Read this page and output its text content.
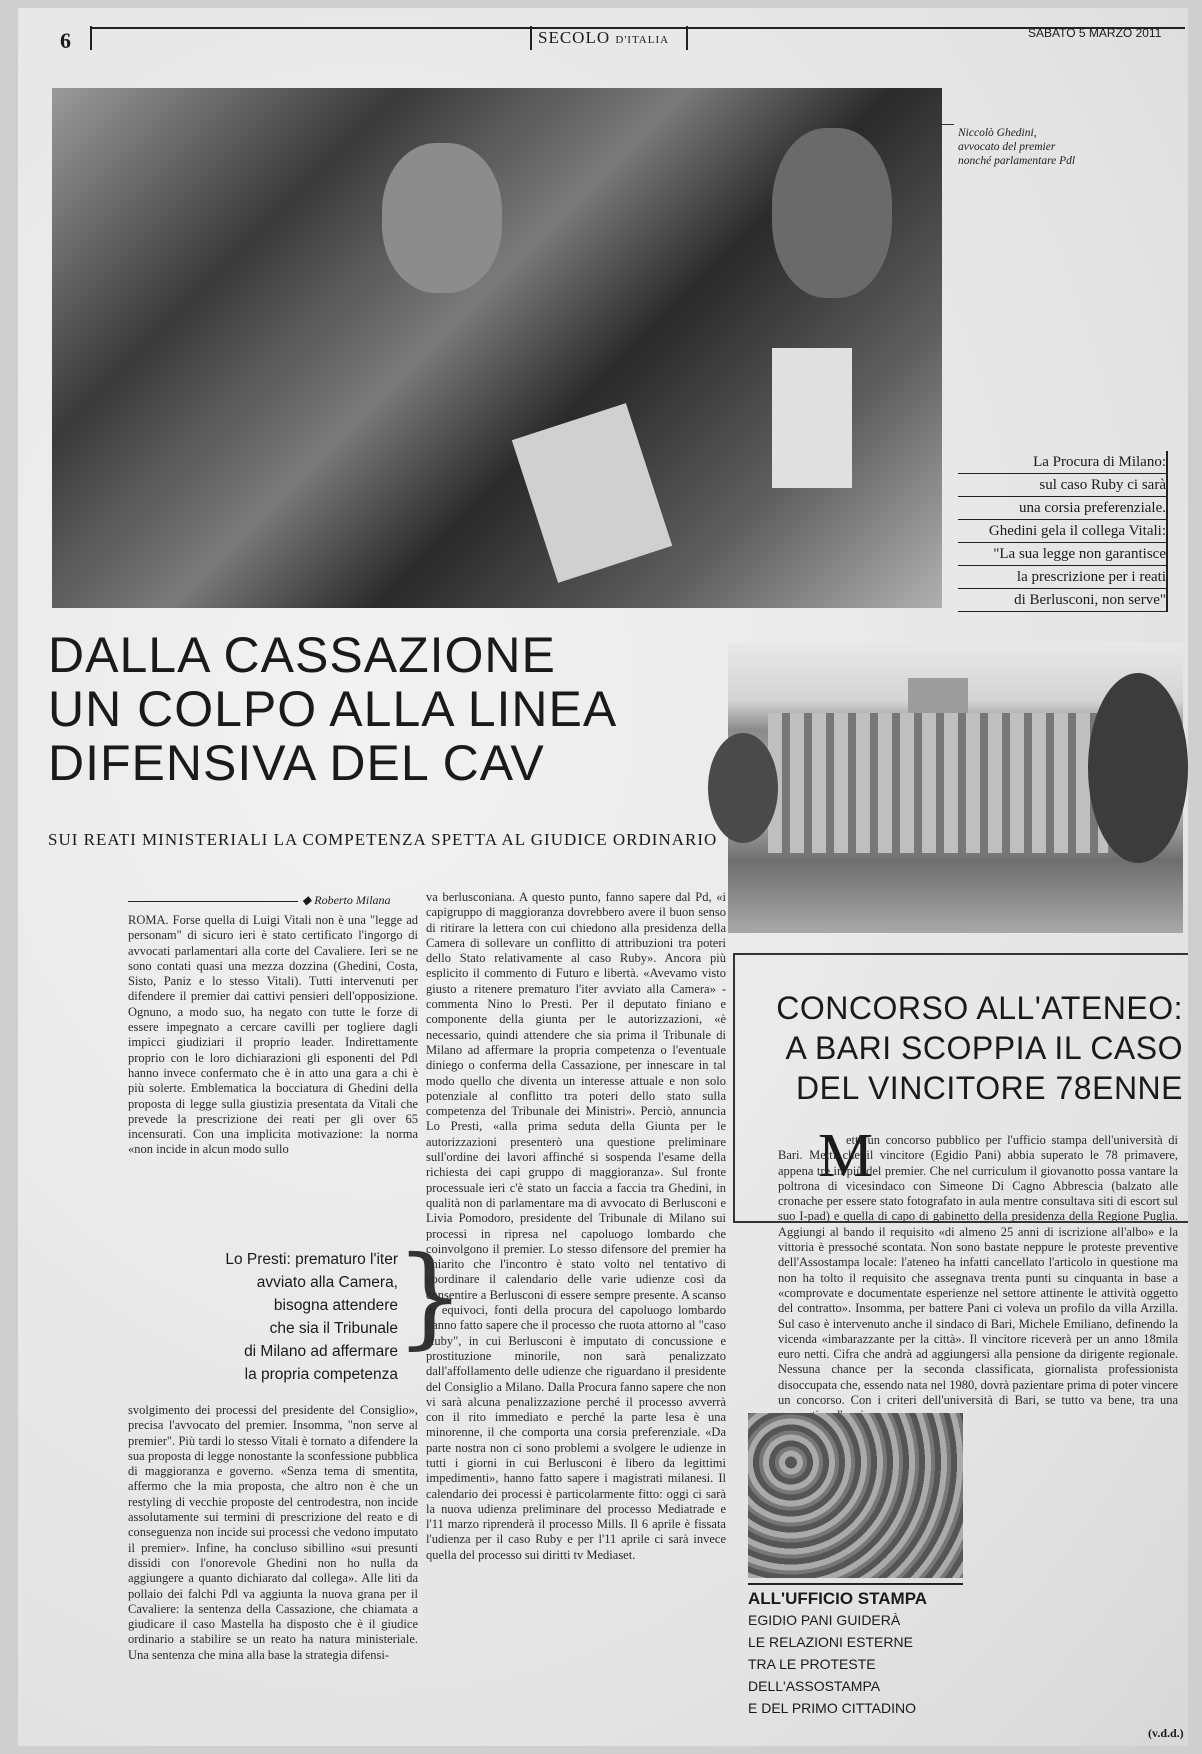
6	SECOLO D'ITALIA	SABATO 5 MARZO 2011
Niccolò Ghedini,
avvocato del premier
nonché parlamentare Pdl
La Procura di Milano:
sul caso Ruby ci sarà
una corsia preferenziale.
Ghedini gela il collega Vitali:
"La sua legge non garantisce
la prescrizione per i reati
di Berlusconi, non serve"
DALLA CASSAZIONE
UN COLPO ALLA LINEA
DIFENSIVA DEL CAV
SUI REATI MINISTERIALI LA COMPETENZA SPETTA AL GIUDICE ORDINARIO
◆ Roberto Milana
ROMA. Forse quella di Luigi Vitali non è una "legge ad personam" di sicuro ieri è stato certificato l'ingorgo di avvocati parlamentari alla corte del Cavaliere. Ieri se ne sono contati quasi una mezza dozzina (Ghedini, Costa, Sisto, Paniz e lo stesso Vitali). Tutti intervenuti per difendere il premier dai cattivi pensieri dell'opposizione. Ognuno, a modo suo, ha negato con tutte le forze di essere impegnato a cercare cavilli per togliere dagli impicci giudiziari il proprio leader. Indirettamente proprio con le loro dichiarazioni gli esponenti del Pdl hanno invece confermato che è in atto una gara a chi è più solerte. Emblematica la bocciatura di Ghedini della proposta di legge sulla giustizia presentata da Vitali che prevede la prescrizione dei reati per gli over 65 incensurati. Con una implicita motivazione: la norma «non incide in alcun modo sullo
Lo Presti: prematuro l'iter
avviato alla Camera,
bisogna attendere
che sia il Tribunale
di Milano ad affermare
la propria competenza
}
svolgimento dei processi del presidente del Consiglio», precisa l'avvocato del premier. Insomma, "non serve al premier". Più tardi lo stesso Vitali è tornato a difendere la sua proposta di legge nonostante la sconfessione pubblica di maggioranza e governo. «Senza tema di smentita, affermo che la mia proposta, che altro non è che un restyling di vecchie proposte del centrodestra, non incide assolutamente sui termini di prescrizione del reato e di conseguenza non incide sui processi che vedono imputato il premier». Infine, ha concluso sibillino «sui presunti dissidi con l'onorevole Ghedini non ho nulla da aggiungere a quanto dichiarato dal collega». Alle liti da pollaio dei falchi Pdl va aggiunta la nuova grana per il Cavaliere: la sentenza della Cassazione, che chiamata a giudicare il caso Mastella ha disposto che è il giudice ordinario a stabilire se un reato ha natura ministeriale. Una sentenza che mina alla base la strategia difensi-
va berlusconiana. A questo punto, fanno sapere dal Pd, «i capigruppo di maggioranza dovrebbero avere il buon senso di ritirare la lettera con cui chiedono alla presidenza della Camera di sollevare un conflitto di attribuzioni tra poteri dello Stato relativamente al caso Ruby». Ancora più esplicito il commento di Futuro e libertà. «Avevamo visto giusto a ritenere prematuro l'iter avviato alla Camera» - commenta Nino lo Presti. Per il deputato finiano e componente della giunta per le autorizzazioni, «è necessario, quindi attendere che sia prima il Tribunale di Milano ad affermare la propria competenza o l'eventuale diniego o conferma della Cassazione, per innescare in tal modo quello che diventa un interesse attuale e non solo potenziale al conflitto tra poteri dello stato sulla competenza del Tribunale dei Ministri». Perciò, annuncia Lo Presti, «alla prima seduta della Giunta per le autorizzazioni presenterò una questione preliminare sull'ordine dei lavori affinché si sospenda l'esame della richiesta dei capi gruppo di maggioranza». Sul fronte processuale ieri c'è stato un faccia a faccia tra Ghedini, in qualità non di parlamentare ma di avvocato di Berlusconi e Livia Pomodoro, presidente del Tribunale di Milano sui processi in ripresa nel capoluogo lombardo che coinvolgono il premier. Lo stesso difensore del premier ha chiarito che l'incontro è stato volto nel tentativo di coordinare il calendario delle varie udienze così da consentire a Berlusconi di essere sempre presente. A scanso di equivoci, fonti della procura del capoluogo lombardo hanno fatto sapere che il processo che ruota attorno al "caso Ruby", in cui Berlusconi è imputato di concussione e prostituzione minorile, non sarà penalizzato dall'affollamento delle udienze che riguardano il presidente del Consiglio a Milano. Dalla Procura fanno sapere che non vi sarà alcuna penalizzazione perché il processo avverrà con il rito immediato e perché la parte lesa è una minorenne, il che comporta una corsia preferenziale. «Da parte nostra non ci sono problemi a svolgere le udienze in tutti i giorni in cui Berlusconi è libero da legittimi impedimenti», hanno fatto sapere i magistrati milanesi. Il calendario dei processi è particolarmente fitto: oggi ci sarà la nuova udienza preliminare del processo Mediatrade e l'11 marzo riprenderà il processo Mills. Il 6 aprile è fissata l'udienza per il caso Ruby e per l'11 aprile ci sarà invece quella del processo sui diritti tv Mediaset.
CONCORSO ALL'ATENEO:
A BARI SCOPPIA IL CASO
DEL VINCITORE 78ENNE
M
etti un concorso pubblico per l'ufficio stampa dell'università di Bari. Metti che il vincitore (Egidio Pani) abbia superato le 78 primavere, appena tre in più del premier. Che nel curriculum il giovanotto possa vantare la poltrona di vicesindaco con Simeone Di Cagno Abbrescia (balzato alle cronache per essere stato fotografato in aula mentre consultava siti di escort sul suo I-pad) e quella di capo di gabinetto della presidenza della Regione Puglia. Aggiungi al bando il requisito «di almeno 25 anni di iscrizione all'albo» e la vittoria è pressoché scontata. Non sono bastate neppure le proteste preventive dell'Assostampa locale: l'ateneo ha infatti cancellato l'articolo in questione ma non ha tolto il requisito che assegnava trenta punti su cinquanta in base a «comprovate e documentate esperienze nel settore attinente le attività oggetto del contratto». Insomma, per battere Pani ci voleva un profilo da villa Arzilla. Sul caso è intervenuto anche il sindaco di Bari, Michele Emiliano, definendo la vicenda «imbarazzante per la città». Il vincitore riceverà per un anno 18mila euro netti. Cifra che andrà ad aggiungersi alla pensione da dirigente regionale. Nessuna chance per la seconda classificata, giornalista professionista disoccupata che, essendo nata nel 1980, dovrà pazientare prima di poter vincere un concorso. Con i criteri dell'università di Bari, se tutto va bene, tra una
ALL'UFFICIO STAMPA
EGIDIO PANI GUIDERÀ
LE RELAZIONI ESTERNE
TRA LE PROTESTE
DELL'ASSOSTAMPA
E DEL PRIMO CITTADINO
(v.d.d.)
